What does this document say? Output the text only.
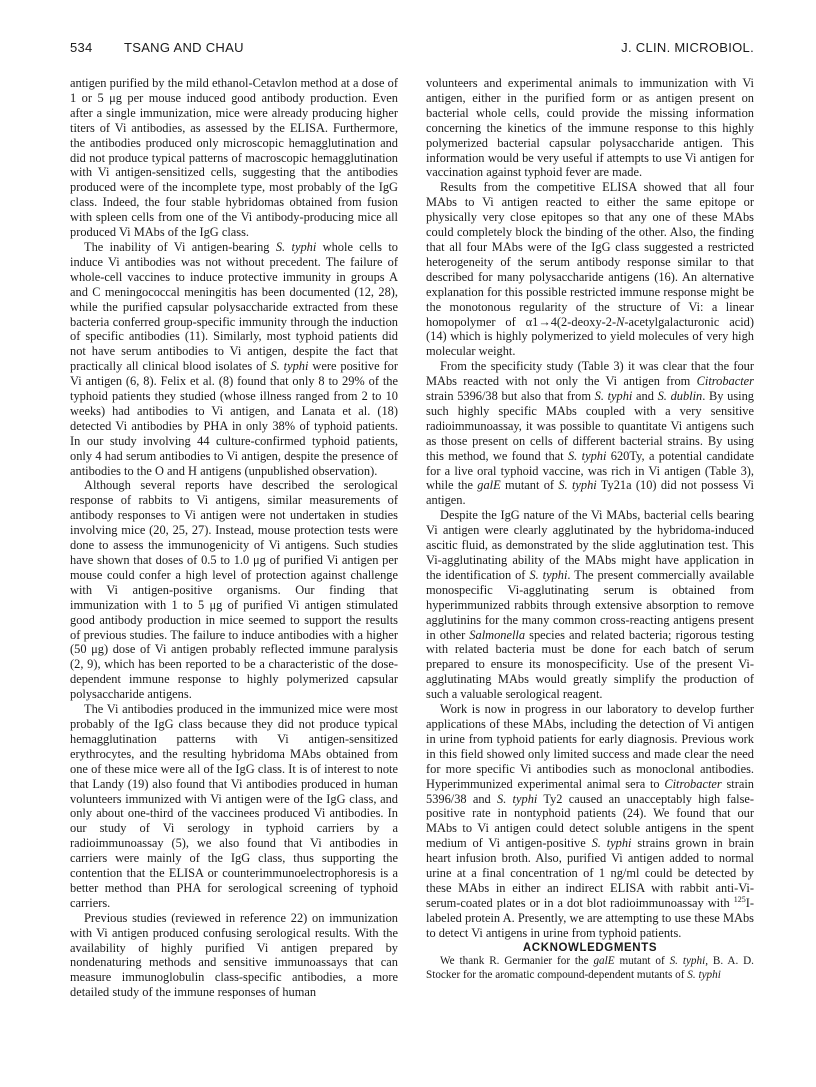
534 TSANG AND CHAU	J. CLIN. MICROBIOL.

antigen purified by the mild ethanol-Cetavlon method at a dose of 1 or 5 μg per mouse induced good antibody production. Even after a single immunization, mice were already producing higher titers of Vi antibodies, as assessed by the ELISA. Furthermore, the antibodies produced only microscopic hemagglutination and did not produce typical patterns of macroscopic hemagglutination with Vi antigen-sensitized cells, suggesting that the antibodies produced were of the incomplete type, most probably of the IgG class. Indeed, the four stable hybridomas obtained from fusion with spleen cells from one of the Vi antibody-producing mice all produced Vi MAbs of the IgG class.

The inability of Vi antigen-bearing S. typhi whole cells to induce Vi antibodies was not without precedent. The failure of whole-cell vaccines to induce protective immunity in groups A and C meningococcal meningitis has been documented (12, 28), while the purified capsular polysaccharide extracted from these bacteria conferred group-specific immunity through the induction of specific antibodies (11). Similarly, most typhoid patients did not have serum antibodies to Vi antigen, despite the fact that practically all clinical blood isolates of S. typhi were positive for Vi antigen (6, 8). Felix et al. (8) found that only 8 to 29% of the typhoid patients they studied (whose illness ranged from 2 to 10 weeks) had antibodies to Vi antigen, and Lanata et al. (18) detected Vi antibodies by PHA in only 38% of typhoid patients. In our study involving 44 culture-confirmed typhoid patients, only 4 had serum antibodies to Vi antigen, despite the presence of antibodies to the O and H antigens (unpublished observation).

Although several reports have described the serological response of rabbits to Vi antigens, similar measurements of antibody responses to Vi antigen were not undertaken in studies involving mice (20, 25, 27). Instead, mouse protection tests were done to assess the immunogenicity of Vi antigens. Such studies have shown that doses of 0.5 to 1.0 μg of purified Vi antigen per mouse could confer a high level of protection against challenge with Vi antigen-positive organisms. Our finding that immunization with 1 to 5 μg of purified Vi antigen stimulated good antibody production in mice seemed to support the results of previous studies. The failure to induce antibodies with a higher (50 μg) dose of Vi antigen probably reflected immune paralysis (2, 9), which has been reported to be a characteristic of the dose-dependent immune response to highly polymerized capsular polysaccharide antigens.

The Vi antibodies produced in the immunized mice were most probably of the IgG class because they did not produce typical hemagglutination patterns with Vi antigen-sensitized erythrocytes, and the resulting hybridoma MAbs obtained from one of these mice were all of the IgG class. It is of interest to note that Landy (19) also found that Vi antibodies produced in human volunteers immunized with Vi antigen were of the IgG class, and only about one-third of the vaccinees produced Vi antibodies. In our study of Vi serology in typhoid carriers by a radioimmunoassay (5), we also found that Vi antibodies in carriers were mainly of the IgG class, thus supporting the contention that the ELISA or counterimmunoelectrophoresis is a better method than PHA for serological screening of typhoid carriers.

Previous studies (reviewed in reference 22) on immunization with Vi antigen produced confusing serological results. With the availability of highly purified Vi antigen prepared by nondenaturing methods and sensitive immunoassays that can measure immunoglobulin class-specific antibodies, a more detailed study of the immune responses of human

volunteers and experimental animals to immunization with Vi antigen, either in the purified form or as antigen present on bacterial whole cells, could provide the missing information concerning the kinetics of the immune response to this highly polymerized bacterial capsular polysaccharide antigen. This information would be very useful if attempts to use Vi antigen for vaccination against typhoid fever are made.

Results from the competitive ELISA showed that all four MAbs to Vi antigen reacted to either the same epitope or physically very close epitopes so that any one of these MAbs could completely block the binding of the other. Also, the finding that all four MAbs were of the IgG class suggested a restricted heterogeneity of the serum antibody response similar to that described for many polysaccharide antigens (16). An alternative explanation for this possible restricted immune response might be the monotonous regularity of the structure of Vi: a linear homopolymer of α1→4(2-deoxy-2-N-acetylgalacturonic acid) (14) which is highly polymerized to yield molecules of very high molecular weight.

From the specificity study (Table 3) it was clear that the four MAbs reacted with not only the Vi antigen from Citrobacter strain 5396/38 but also that from S. typhi and S. dublin. By using such highly specific MAbs coupled with a very sensitive radioimmunoassay, it was possible to quantitate Vi antigens such as those present on cells of different bacterial strains. By using this method, we found that S. typhi 620Ty, a potential candidate for a live oral typhoid vaccine, was rich in Vi antigen (Table 3), while the galE mutant of S. typhi Ty21a (10) did not possess Vi antigen.

Despite the IgG nature of the Vi MAbs, bacterial cells bearing Vi antigen were clearly agglutinated by the hybridoma-induced ascitic fluid, as demonstrated by the slide agglutination test. This Vi-agglutinating ability of the MAbs might have application in the identification of S. typhi. The present commercially available monospecific Vi-agglutinating serum is obtained from hyperimmunized rabbits through extensive absorption to remove agglutinins for the many common cross-reacting antigens present in other Salmonella species and related bacteria; rigorous testing with related bacteria must be done for each batch of serum prepared to ensure its monospecificity. Use of the present Vi-agglutinating MAbs would greatly simplify the production of such a valuable serological reagent.

Work is now in progress in our laboratory to develop further applications of these MAbs, including the detection of Vi antigen in urine from typhoid patients for early diagnosis. Previous work in this field showed only limited success and made clear the need for more specific Vi antibodies such as monoclonal antibodies. Hyperimmunized experimental animal sera to Citrobacter strain 5396/38 and S. typhi Ty2 caused an unacceptably high false-positive rate in nontyphoid patients (24). We found that our MAbs to Vi antigen could detect soluble antigens in the spent medium of Vi antigen-positive S. typhi strains grown in brain heart infusion broth. Also, purified Vi antigen added to normal urine at a final concentration of 1 ng/ml could be detected by these MAbs in either an indirect ELISA with rabbit anti-Vi-serum-coated plates or in a dot blot radioimmunoassay with $^{125}$I-labeled protein A. Presently, we are attempting to use these MAbs to detect Vi antigens in urine from typhoid patients.

ACKNOWLEDGMENTS

We thank R. Germanier for the galE mutant of S. typhi, B. A. D. Stocker for the aromatic compound-dependent mutants of S. typhi
